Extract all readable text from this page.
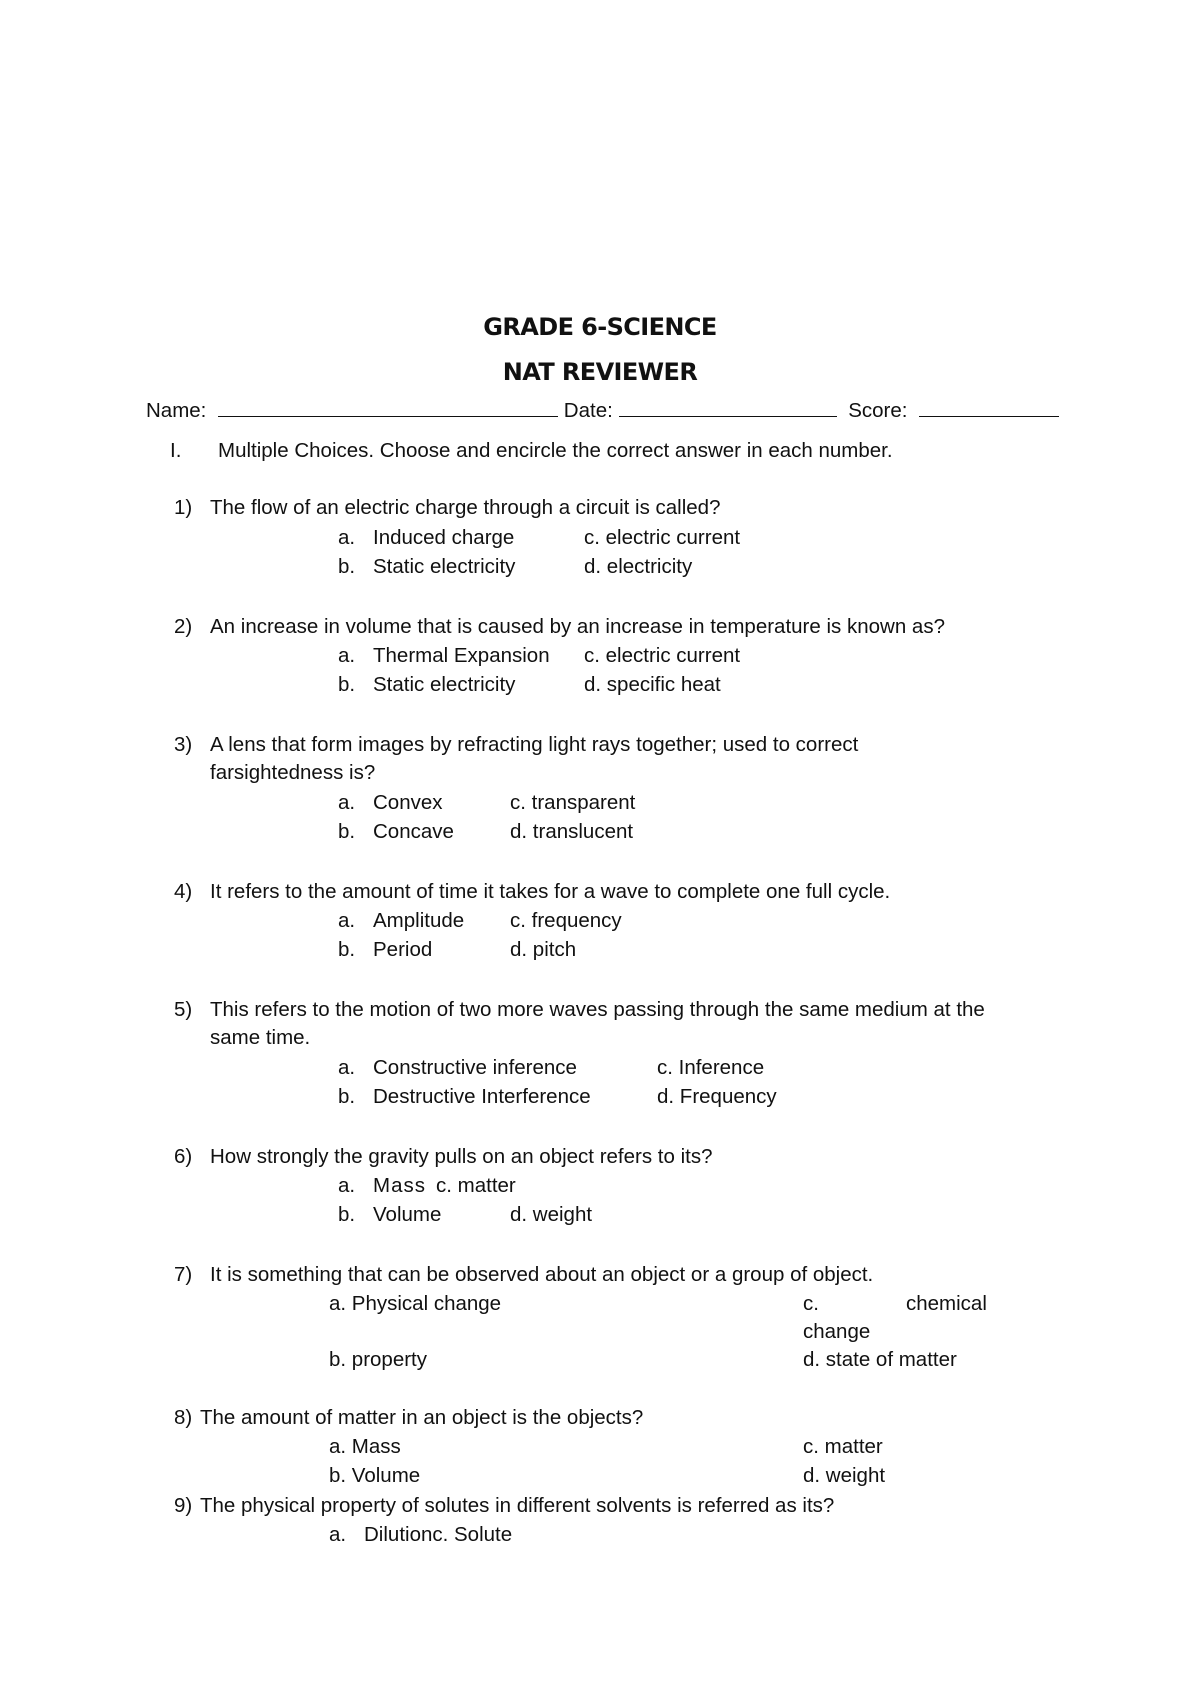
GRADE 6-SCIENCE
NAT REVIEWER
Name:	Date:	Score:
I. Multiple Choices. Choose and encircle the correct answer in each number.
1) The flow of an electric charge through a circuit is called?
a. Induced charge	c. electric current
b. Static electricity	d. electricity
2) An increase in volume that is caused by an increase in temperature is known as?
a. Thermal Expansion c. electric current
b. Static electricity	d. specific heat
3) A lens that form images by refracting light rays together; used to correct
farsightedness is?
a. Convex	c. transparent
b. Concave	d. translucent
4) It refers to the amount of time it takes for a wave to complete one full cycle.
a. Amplitude c. frequency
b. Period	d. pitch
5) This refers to the motion of two more waves passing through the same medium at the
same time.
a. Constructive inference	c. Inference
b. Destructive Interference	d. Frequency
6) How strongly the gravity pulls on an object refers to its?
a. Mass c. matter
b. Volume	d. weight
7) It is something that can be observed about an object or a group of object.
a. Physical change	c.	chemical
change
b. property	d. state of matter
8) The amount of matter in an object is the objects?
a. Mass	c. matter
b. Volume	d. weight
9) The physical property of solutes in different solvents is referred as its?
a. Dilutionc. Solute
